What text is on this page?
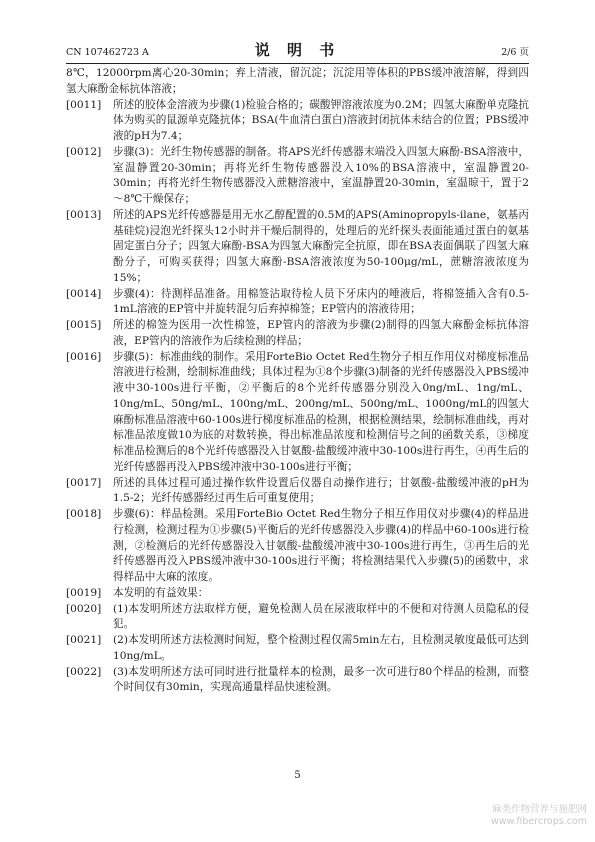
CN 107462723 A	说 明 书	2/6 页

8℃，12000rpm离心20-30min；弃上清液，留沉淀；沉淀用等体积的PBS缓冲液溶解，得到四氢大麻酚金标抗体溶液；

[0011]	所述的胶体金溶液为步骤(1)检验合格的；碳酸钾溶液浓度为0.2M；四氢大麻酚单克隆抗体为购买的鼠源单克隆抗体；BSA(牛血清白蛋白)溶液封闭抗体未结合的位置；PBS缓冲液的pH为7.4；
[0012]	步骤(3)：光纤生物传感器的制备。将APS光纤传感器末端没入四氢大麻酚-BSA溶液中，室温静置20-30min；再将光纤生物传感器没入10%的BSA溶液中，室温静置20-30min；再将光纤生物传感器没入蔗糖溶液中，室温静置20-30min，室温晾干，置于2～8℃干燥保存；
[0013]	所述的APS光纤传感器是用无水乙醇配置的0.5M的APS(Aminopropyls-ilane，氨基丙基硅烷)浸泡光纤探头12小时并干燥后制得的，处理后的光纤探头表面能通过蛋白的氨基固定蛋白分子；四氢大麻酚-BSA为四氢大麻酚完全抗原，即在BSA表面偶联了四氢大麻酚分子，可购买获得；四氢大麻酚-BSA溶液浓度为50-100μg/mL，蔗糖溶液浓度为15%；
[0014]	步骤(4)：待测样品准备。用棉签沾取待检人员下牙床内的唾液后，将棉签插入含有0.5-1mL溶液的EP管中并旋转混匀后弃掉棉签；EP管内的溶液待用；
[0015]	所述的棉签为医用一次性棉签，EP管内的溶液为步骤(2)制得的四氢大麻酚金标抗体溶液，EP管内的溶液作为后续检测的样品；
[0016]	步骤(5)：标准曲线的制作。采用ForteBio Octet Red生物分子相互作用仪对梯度标准品溶液进行检测，绘制标准曲线；具体过程为①8个步骤(3)制备的光纤传感器没入PBS缓冲液中30-100s进行平衡，②平衡后的8个光纤传感器分别没入0ng/mL、1ng/mL、10ng/mL、50ng/mL、100ng/mL、200ng/mL、500ng/mL、1000ng/mL的四氢大麻酚标准品溶液中60-100s进行梯度标准品的检测，根据检测结果，绘制标准曲线，再对标准品浓度做10为底的对数转换，得出标准品浓度和检测信号之间的函数关系，③梯度标准品检测后的8个光纤传感器没入甘氨酸-盐酸缓冲液中30-100s进行再生，④再生后的光纤传感器再没入PBS缓冲液中30-100s进行平衡；
[0017]	所述的具体过程可通过操作软件设置后仪器自动操作进行；甘氨酸-盐酸缓冲液的pH为1.5-2；光纤传感器经过再生后可重复使用；
[0018]	步骤(6)：样品检测。采用ForteBio Octet Red生物分子相互作用仪对步骤(4)的样品进行检测，检测过程为①步骤(5)平衡后的光纤传感器没入步骤(4)的样品中60-100s进行检测，②检测后的光纤传感器没入甘氨酸-盐酸缓冲液中30-100s进行再生，③再生后的光纤传感器再没入PBS缓冲液中30-100s进行平衡；将检测结果代入步骤(5)的函数中，求得样品中大麻的浓度。
[0019]	本发明的有益效果：
[0020]	(1)本发明所述方法取样方便，避免检测人员在尿液取样中的不便和对待测人员隐私的侵犯。
[0021]	(2)本发明所述方法检测时间短，整个检测过程仅需5min左右，且检测灵敏度最低可达到10ng/mL。
[0022]	(3)本发明所述方法可同时进行批量样本的检测，最多一次可进行80个样品的检测，而整个时间仅有30min，实现高通量样品快速检测。
5
麻类作物营养与施肥网
www.fibercrops.com
